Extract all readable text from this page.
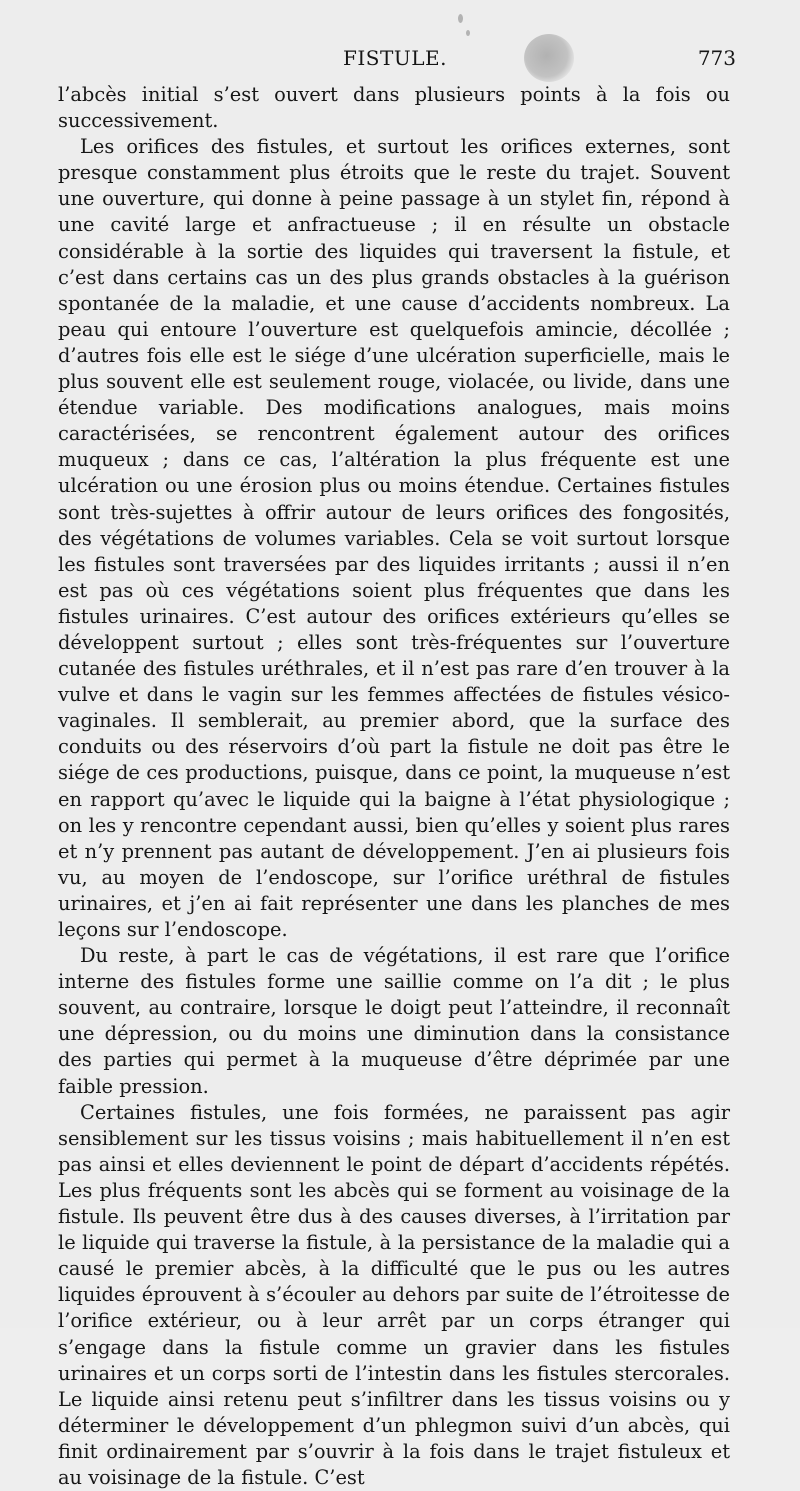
FISTULE.	773

l’abcès initial s’est ouvert dans plusieurs points à la fois ou successivement.

Les orifices des fistules, et surtout les orifices externes, sont presque constamment plus étroits que le reste du trajet. Souvent une ouverture, qui donne à peine passage à un stylet fin, répond à une cavité large et anfractueuse ; il en résulte un obstacle considérable à la sortie des liquides qui traversent la fistule, et c’est dans certains cas un des plus grands obstacles à la guérison spontanée de la maladie, et une cause d’accidents nombreux. La peau qui entoure l’ouverture est quelquefois amincie, décollée ; d’autres fois elle est le siége d’une ulcération superficielle, mais le plus souvent elle est seulement rouge, violacée, ou livide, dans une étendue variable. Des modifications analogues, mais moins caractérisées, se rencontrent également autour des orifices muqueux ; dans ce cas, l’altération la plus fréquente est une ulcération ou une érosion plus ou moins étendue. Certaines fistules sont très-sujettes à offrir autour de leurs orifices des fongosités, des végétations de volumes variables. Cela se voit surtout lorsque les fistules sont traversées par des liquides irritants ; aussi il n’en est pas où ces végétations soient plus fréquentes que dans les fistules urinaires. C’est autour des orifices extérieurs qu’elles se développent surtout ; elles sont très-fréquentes sur l’ouverture cutanée des fistules uréthrales, et il n’est pas rare d’en trouver à la vulve et dans le vagin sur les femmes affectées de fistules vésico-vaginales. Il semblerait, au premier abord, que la surface des conduits ou des réservoirs d’où part la fistule ne doit pas être le siége de ces productions, puisque, dans ce point, la muqueuse n’est en rapport qu’avec le liquide qui la baigne à l’état physiologique ; on les y rencontre cependant aussi, bien qu’elles y soient plus rares et n’y prennent pas autant de développement. J’en ai plusieurs fois vu, au moyen de l’endoscope, sur l’orifice uréthral de fistules urinaires, et j’en ai fait représenter une dans les planches de mes leçons sur l’endoscope.

Du reste, à part le cas de végétations, il est rare que l’orifice interne des fistules forme une saillie comme on l’a dit ; le plus souvent, au contraire, lorsque le doigt peut l’atteindre, il reconnaît une dépression, ou du moins une diminution dans la consistance des parties qui permet à la muqueuse d’être déprimée par une faible pression.

Certaines fistules, une fois formées, ne paraissent pas agir sensiblement sur les tissus voisins ; mais habituellement il n’en est pas ainsi et elles deviennent le point de départ d’accidents répétés. Les plus fréquents sont les abcès qui se forment au voisinage de la fistule. Ils peuvent être dus à des causes diverses, à l’irritation par le liquide qui traverse la fistule, à la persistance de la maladie qui a causé le premier abcès, à la difficulté que le pus ou les autres liquides éprouvent à s’écouler au dehors par suite de l’étroitesse de l’orifice extérieur, ou à leur arrêt par un corps étranger qui s’engage dans la fistule comme un gravier dans les fistules urinaires et un corps sorti de l’intestin dans les fistules stercorales. Le liquide ainsi retenu peut s’infiltrer dans les tissus voisins ou y déterminer le développement d’un phlegmon suivi d’un abcès, qui finit ordinairement par s’ouvrir à la fois dans le trajet fistuleux et au voisinage de la fistule. C’est
